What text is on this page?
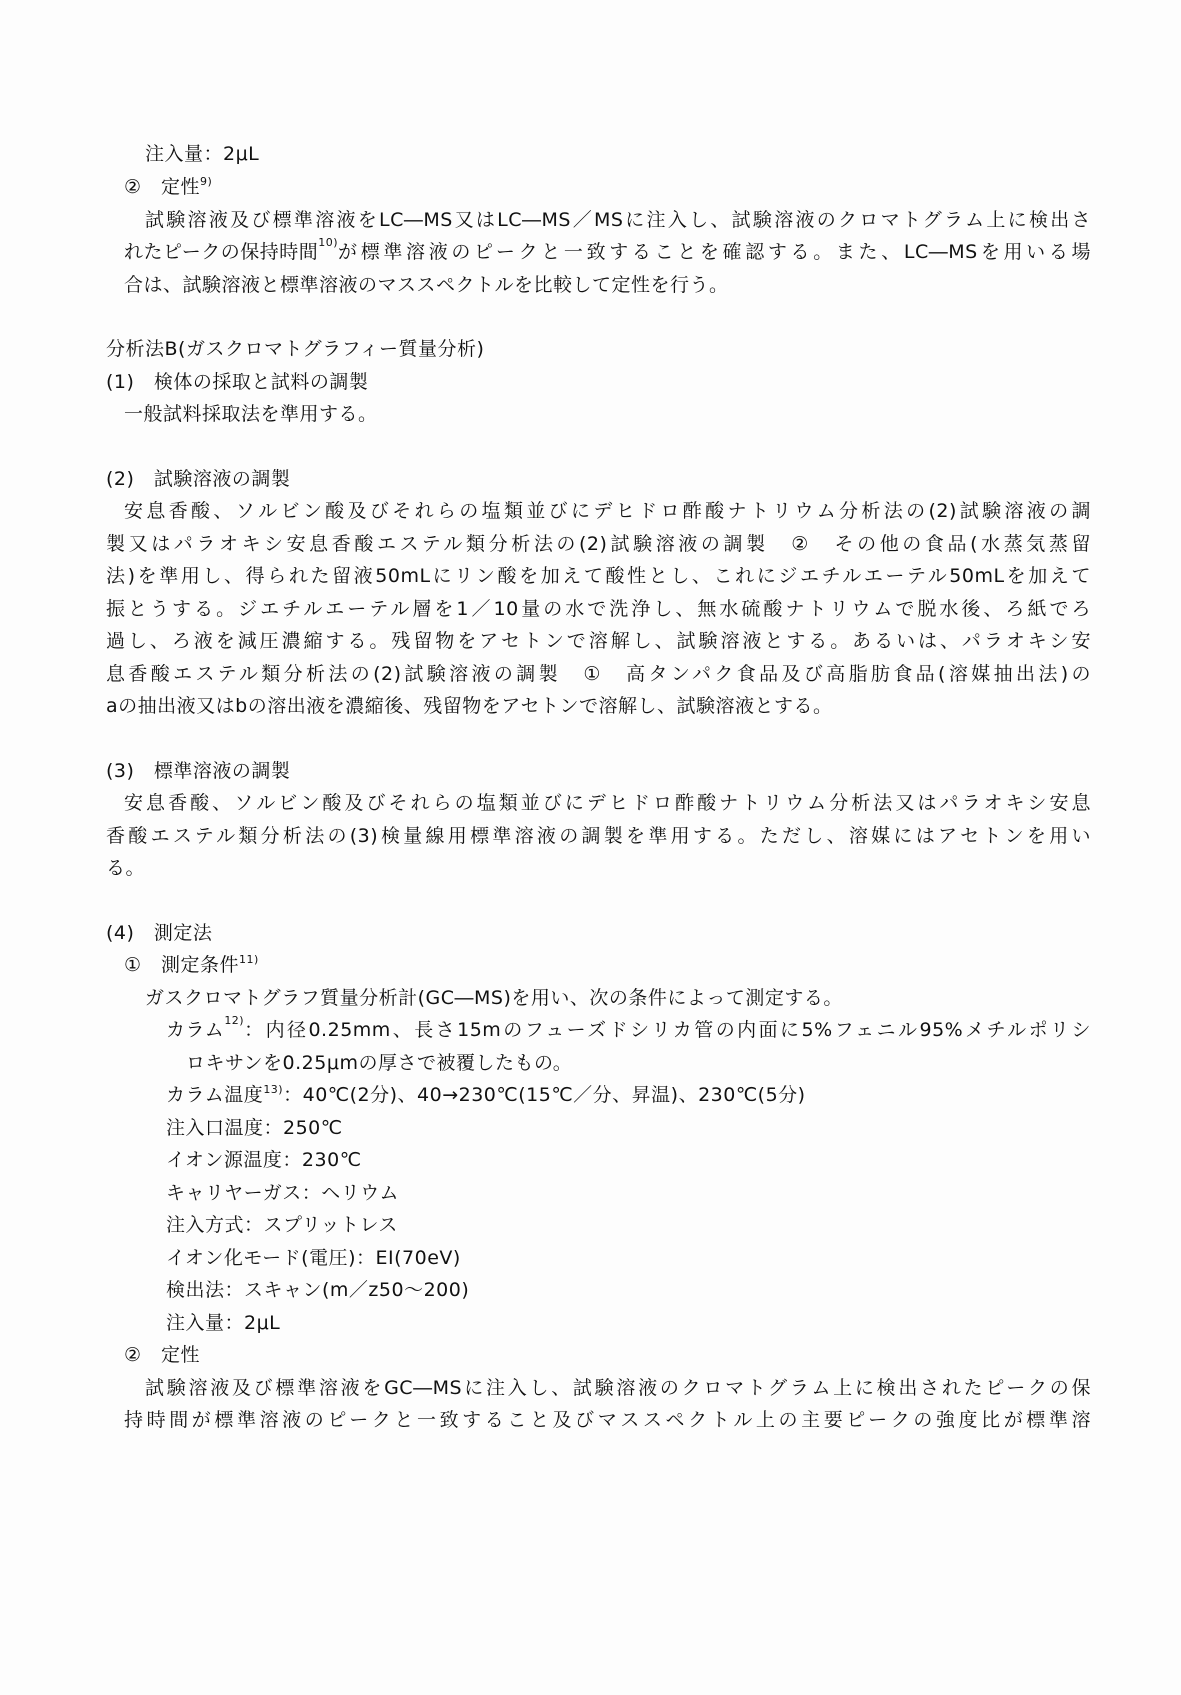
注入量：2μL
②　定性$^{9)}$
試験溶液及び標準溶液をLC―MS又はLC―MS／MSに注入し、試験溶液のクロマトグラム上に検出さ
れたピークの保持時間 10) が標準溶液のピークと一致することを確認する。また、LC―MSを用いる場
合は、試験溶液と標準溶液のマススペクトルを比較して定性を行う。
分析法B(ガスクロマトグラフィー質量分析)
(1)　検体の採取と試料の調製
一般試料採取法を準用する。
(2)　試験溶液の調製
安息香酸、ソルビン酸及びそれらの塩類並びにデヒドロ酢酸ナトリウム分析法の(2)試験溶液の調
製又はパラオキシ安息香酸エステル類分析法の(2)試験溶液の調製　②　その他の食品(水蒸気蒸留
法)を準用し、得られた留液50mLにリン酸を加えて酸性とし、これにジエチルエーテル50mLを加えて
振とうする。ジエチルエーテル層を1／10量の水で洗浄し、無水硫酸ナトリウムで脱水後、ろ紙でろ
過し、ろ液を減圧濃縮する。残留物をアセトンで溶解し、試験溶液とする。あるいは、パラオキシ安
息香酸エステル類分析法の(2)試験溶液の調製　①　高タンパク食品及び高脂肪食品(溶媒抽出法)の
aの抽出液又はbの溶出液を濃縮後、残留物をアセトンで溶解し、試験溶液とする。
(3)　標準溶液の調製
安息香酸、ソルビン酸及びそれらの塩類並びにデヒドロ酢酸ナトリウム分析法又はパラオキシ安息
香酸エステル類分析法の(3)検量線用標準溶液の調製を準用する。ただし、溶媒にはアセトンを用い
る。
(4)　測定法
①　測定条件$^{11)}$
ガスクロマトグラフ質量分析計(GC―MS)を用い、次の条件によって測定する。
カラム 12) ：内径0.25mm、長さ15mのフューズドシリカ管の内面に5%フェニル95%メチルポリシ
ロキサンを0.25μmの厚さで被覆したもの。
カラム温度$^{13)}$：40℃(2分)、40→230℃(15℃／分、昇温)、230℃(5分)
注入口温度：250℃
イオン源温度：230℃
キャリヤーガス：ヘリウム
注入方式：スプリットレス
イオン化モード(電圧)：EI(70eV)
検出法：スキャン(m／z50～200)
注入量：2μL
②　定性
試験溶液及び標準溶液をGC―MSに注入し、試験溶液のクロマトグラム上に検出されたピークの保
持時間が標準溶液のピークと一致すること及びマススペクトル上の主要ピークの強度比が標準溶
